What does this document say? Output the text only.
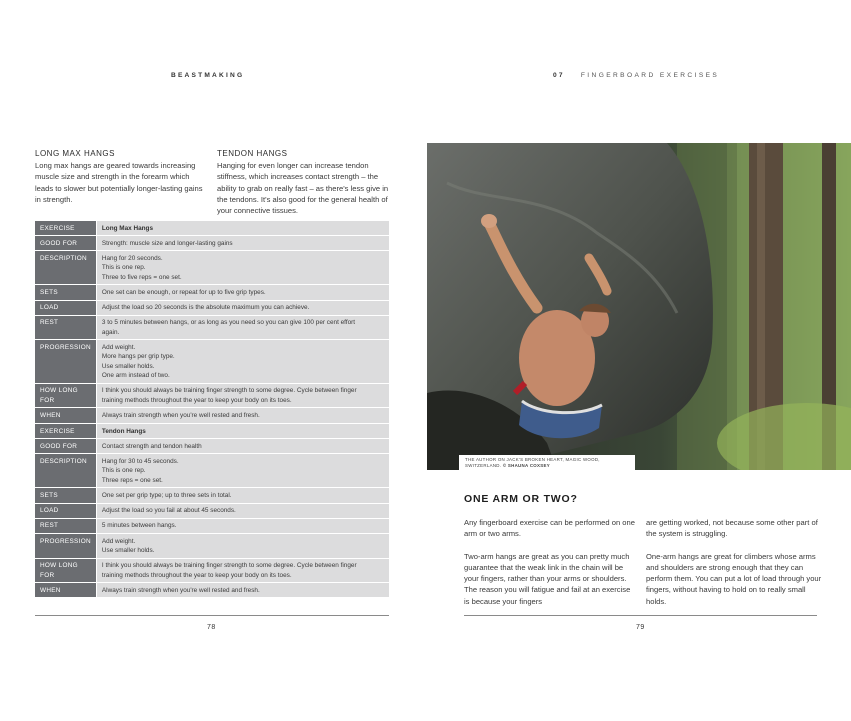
BEASTMAKING	07 FINGERBOARD EXERCISES
LONG MAX HANGS

Long max hangs are geared towards increasing muscle size and strength in the forearm which leads to slower but potentially longer-lasting gains in strength.

TENDON HANGS

Hanging for even longer can increase tendon stiffness, which increases contact strength – the ability to grab on really fast – as there's less give in the tendons. It's also good for the general health of your connective tissues.

EXERCISE	Long Max Hangs

GOOD FOR	Strength: muscle size and longer-lasting gains

DESCRIPTION	Hang for 20 seconds.
This is one rep.
Three to five reps = one set.

SETS	One set can be enough, or repeat for up to five grip types.

LOAD	Adjust the load so 20 seconds is the absolute maximum you can achieve.

REST	3 to 5 minutes between hangs, or as long as you need so you can give 100 per cent effort
again.

PROGRESSION	Add weight.
More hangs per grip type.
Use smaller holds.
One arm instead of two.

HOW LONG FOR	I think you should always be training finger strength to some degree. Cycle between finger
training methods throughout the year to keep your body on its toes.

WHEN	Always train strength when you're well rested and fresh.
EXERCISE	Tendon Hangs

GOOD FOR	Contact strength and tendon health

DESCRIPTION	Hang for 30 to 45 seconds.
This is one rep.
Three reps = one set.

SETS	One set per grip type; up to three sets in total.

LOAD	Adjust the load so you fail at about 45 seconds.

REST	5 minutes between hangs.

PROGRESSION	Add weight.
Use smaller holds.

HOW LONG FOR	I think you should always be training finger strength to some degree. Cycle between finger
training methods throughout the year to keep your body on its toes.

WHEN	Always train strength when you're well rested and fresh.
THE AUTHOR ON JACK'S BROKEN HEART, MAGIC WOOD,
SWITZERLAND. © SHAUNA COXSEY
ONE ARM OR TWO?

Any fingerboard exercise can be performed on one arm or two arms.

Two-arm hangs are great as you can pretty much guarantee that the weak link in the chain will be your fingers, rather than your arms or shoulders. The reason you will fatigue and fail at an exercise is because your fingers

are getting worked, not because some other part of the system is struggling.

One-arm hangs are great for climbers whose arms and shoulders are strong enough that they can perform them. You can put a lot of load through your fingers, without having to hold on to really small holds.

78	79
